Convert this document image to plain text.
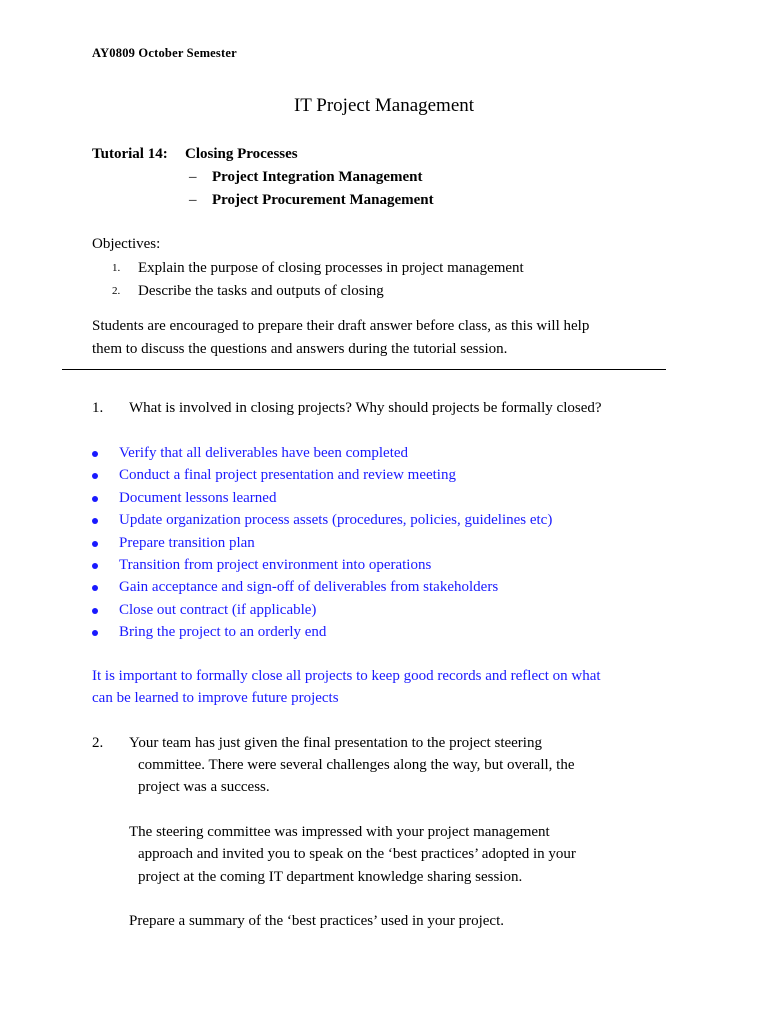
AY0809 October Semester
IT Project Management
Tutorial 14: Closing Processes
– Project Integration Management
– Project Procurement Management
Objectives:
1. Explain the purpose of closing processes in project management
2. Describe the tasks and outputs of closing
Students are encouraged to prepare their draft answer before class, as this will help
them to discuss the questions and answers during the tutorial session.
1. What is involved in closing projects? Why should projects be formally closed?
Verify that all deliverables have been completed
Conduct a final project presentation and review meeting
Document lessons learned
Update organization process assets (procedures, policies, guidelines etc)
Prepare transition plan
Transition from project environment into operations
Gain acceptance and sign-off of deliverables from stakeholders
Close out contract (if applicable)
Bring the project to an orderly end
It is important to formally close all projects to keep good records and reflect on what
can be learned to improve future projects
2. Your team has just given the final presentation to the project steering
committee. There were several challenges along the way, but overall, the
project was a success.
The steering committee was impressed with your project management
approach and invited you to speak on the ‘best practices’ adopted in your
project at the coming IT department knowledge sharing session.
Prepare a summary of the ‘best practices’ used in your project.
